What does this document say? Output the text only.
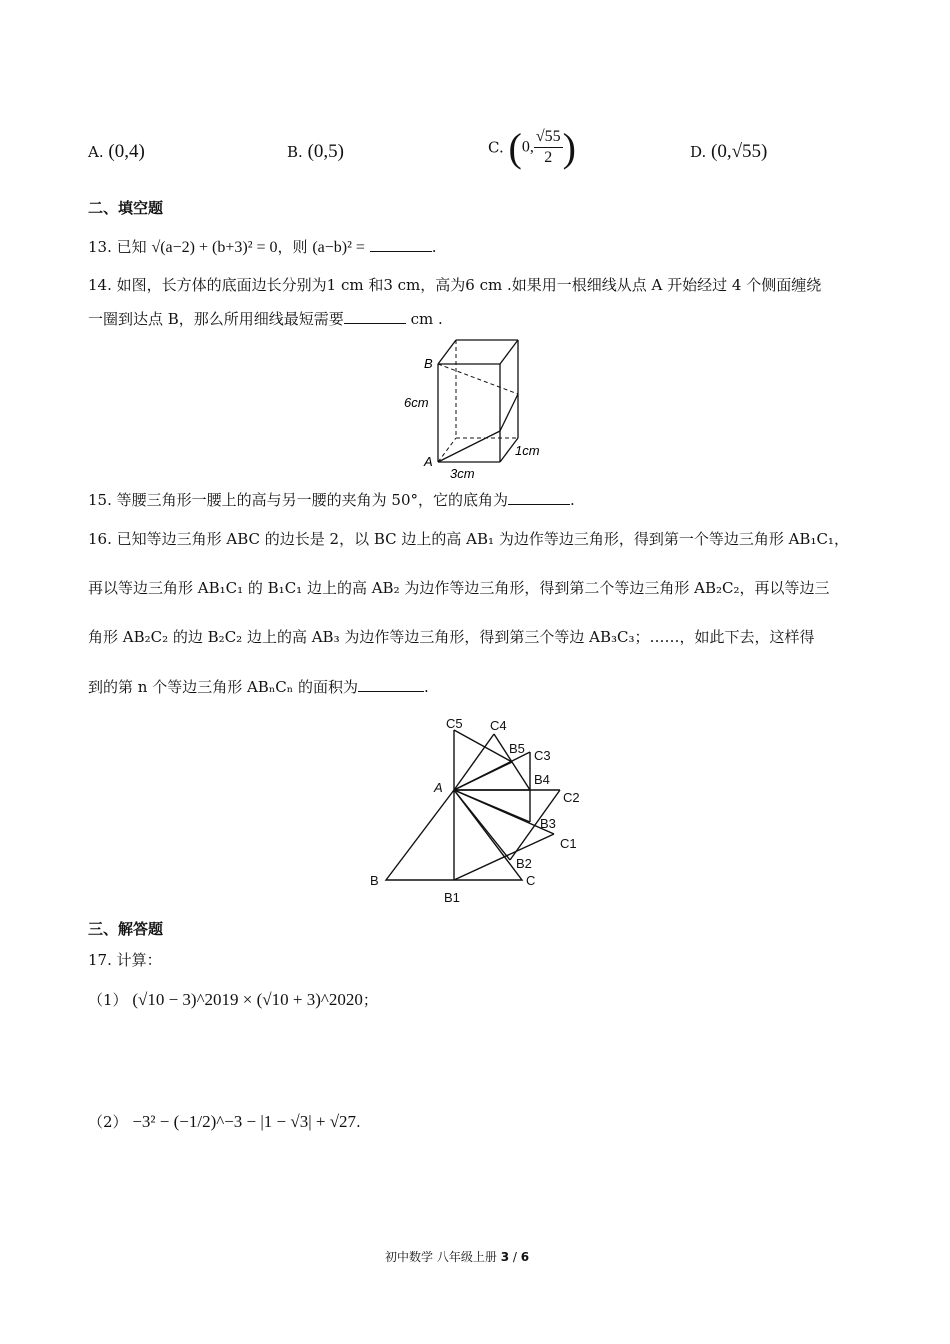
A. (0,4)	B. (0,5)	C. (0, $\frac{√55}{2}$ )	D. (0,√55)
二、填空题
13. 已知 √(a−2) + (b+3)² = 0，则 (a−b)² =	.
14. 如图，长方体的底面边长分别为1 cm 和3 cm，高为6 cm .如果用一根细线从点 A 开始经过 4 个侧面缠绕
一圈到达点 B，那么所用细线最短需要	cm .
B
A
6cm
3cm
1cm
15. 等腰三角形一腰上的高与另一腰的夹角为 50°，它的底角为	.
16. 已知等边三角形 ABC 的边长是 2，以 BC 边上的高 AB₁ 为边作等边三角形，得到第一个等边三角形 AB₁C₁，
再以等边三角形 AB₁C₁ 的 B₁C₁ 边上的高 AB₂ 为边作等边三角形，得到第二个等边三角形 AB₂C₂，再以等边三
角形 AB₂C₂ 的边 B₂C₂ 边上的高 AB₃ 为边作等边三角形，得到第三个等边 AB₃C₃；……，如此下去，这样得
到的第 n 个等边三角形 ABₙCₙ 的面积为	.
C5 C4
B5 C3
B4
C2
A
B3
C1
B2
B	C
B1
三、解答题
17. 计算：
（1） (√10 − 3)^2019 × (√10 + 3)^2020；
（2） −3² − (−1/2)^−3 − |1 − √3| + √27.
初中数学 八年级上册 3 / 6
